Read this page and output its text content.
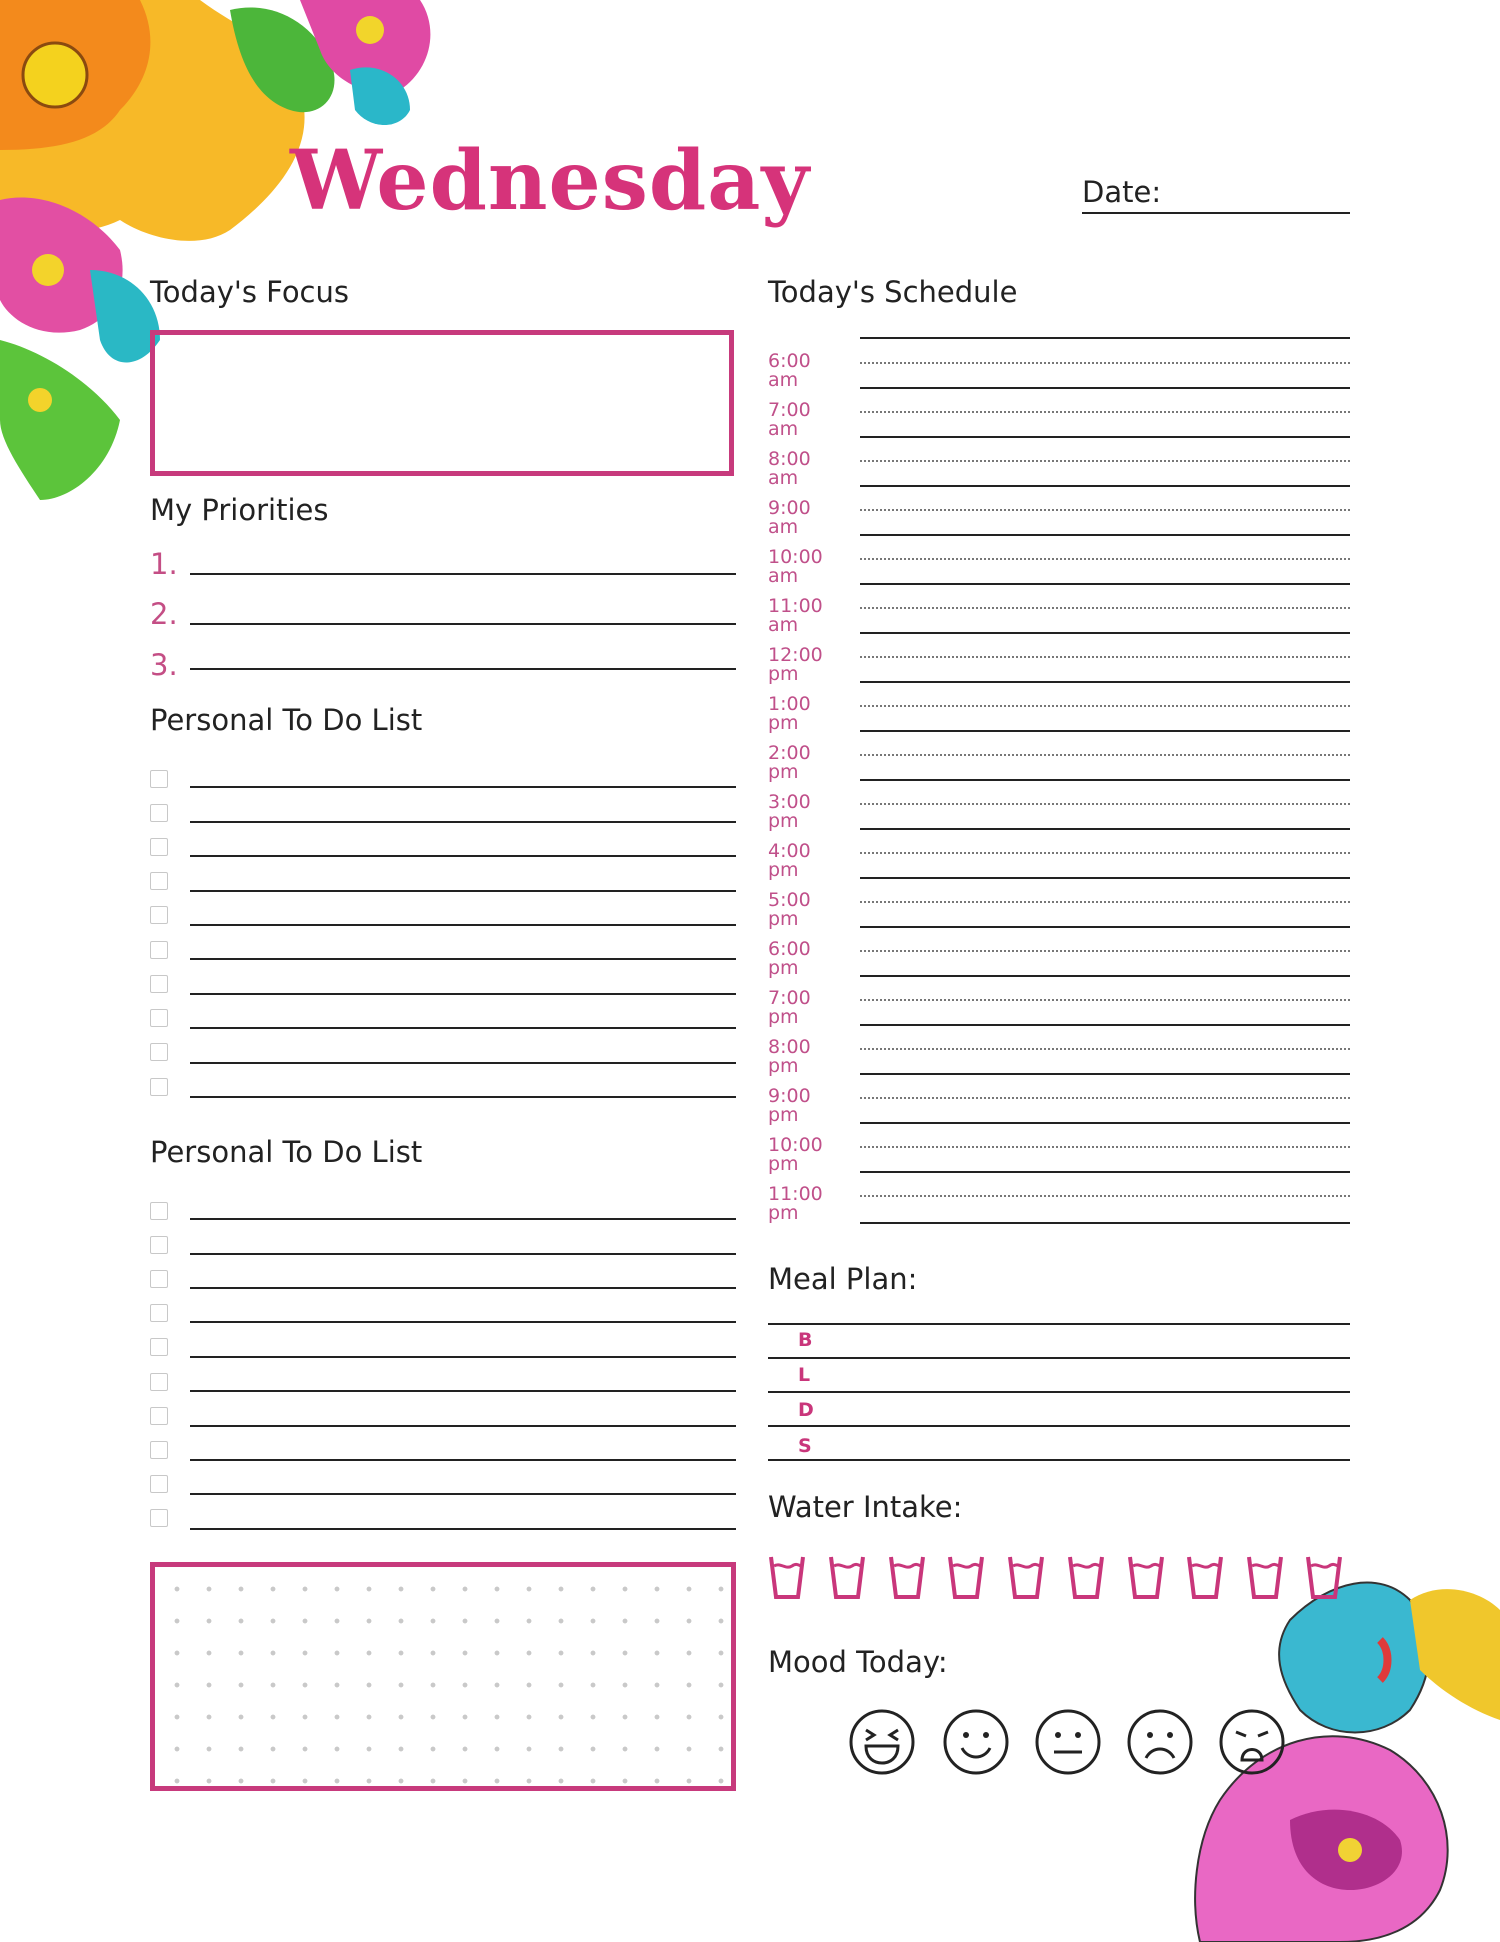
Wednesday	Date:
Today's Focus
My Priorities
1.
2.
3.
Personal To Do List
Personal To Do List
Today's Schedule
6:00 am
7:00 am
8:00 am
9:00 am
10:00 am
11:00 am
12:00 pm
1:00 pm
2:00 pm
3:00 pm
4:00 pm
5:00 pm
6:00 pm
7:00 pm
8:00 pm
9:00 pm
10:00 pm
11:00 pm
Meal Plan:
B
L
D
S
Water Intake:
Mood Today:
